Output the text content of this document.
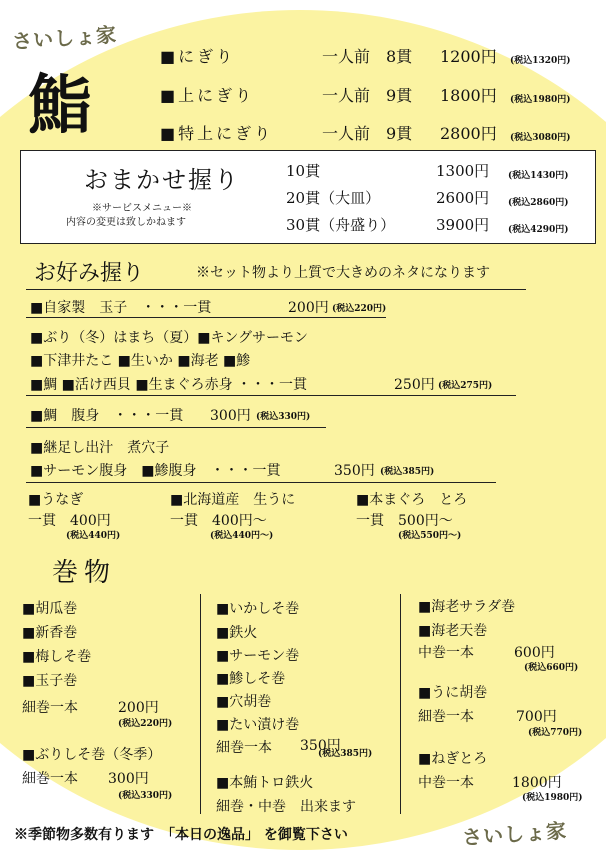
さいしょ家
さいしょ家
鮨
■にぎり	一人前　8貫 1200円 (税込1320円)
■上にぎり	一人前　9貫 1800円 (税込1980円)
■特上にぎり	一人前　9貫 2800円 (税込3080円)
おまかせ握り
※サービスメニュー※
内容の変更は致しかねます
10貫	1300円 (税込1430円)
20貫（大皿）	2600円 (税込2860円)
30貫（舟盛り）	3900円 (税込4290円)
お好み握り	※セット物より上質で大きめのネタになります
■自家製　玉子　・・・一貫	200円 (税込220円)
■ぶり（冬）はまち（夏）■キングサーモン
■下津井たこ ■生いか ■海老 ■鯵
■鯛 ■活け西貝 ■生まぐろ赤身 ・・・一貫	250円 (税込275円)
■鯛　腹身　・・・一貫 300円 (税込330円)
■継足し出汁　煮穴子
■サーモン腹身　■鯵腹身　・・・一貫	350円 (税込385円)
■うなぎ
一貫　400円
(税込440円)
■北海道産　生うに
一貫　400円～
(税込440円～)
■本まぐろ　とろ
一貫　500円～
(税込550円～)
巻物
■胡瓜巻
■新香巻
■梅しそ巻
■玉子巻
細巻一本	200円
(税込220円)
■ぶりしそ巻（冬季）
細巻一本 300円
(税込330円)
■いかしそ巻
■鉄火
■サーモン巻
■鯵しそ巻
■穴胡巻
■たい漬け巻
細巻一本 350円
(税込385円)
■本鮪トロ鉄火
細巻・中巻　出来ます
■海老サラダ巻
■海老天巻
中巻一本	600円
(税込660円)
■うに胡巻
細巻一本	700円
(税込770円)
■ねぎとろ
中巻一本	1800円
(税込1980円)
※季節物多数有ります　「本日の逸品」 を御覧下さい
